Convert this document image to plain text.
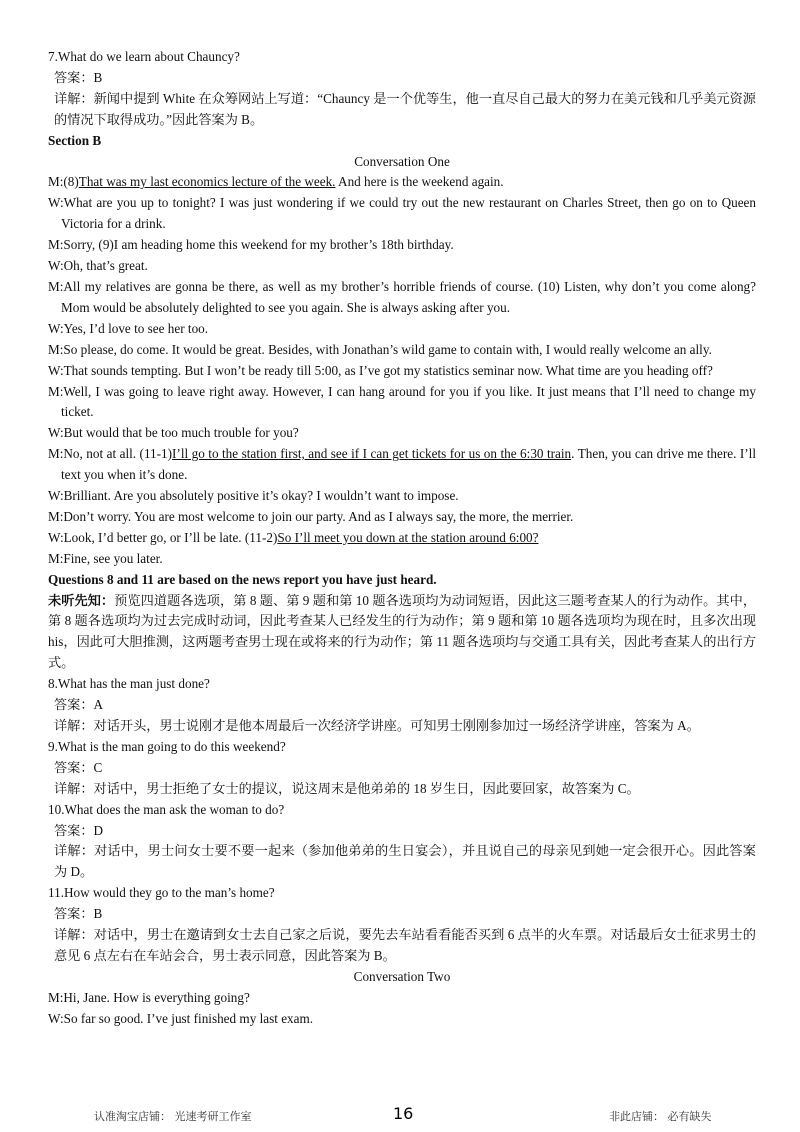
7.What do we learn about Chauncy?

答案：B

详解：新闻中提到 White 在众筹网站上写道：“Chauncy 是一个优等生，他一直尽自己最大的努力在美元钱和几乎美元资源的情况下取得成功。”因此答案为 B。

Section B

Conversation One

M:(8)That was my last economics lecture of the week. And here is the weekend again.

W:What are you up to tonight? I was just wondering if we could try out the new restaurant on Charles Street, then go on to Queen Victoria for a drink.

M:Sorry, (9)I am heading home this weekend for my brother’s 18th birthday.

W:Oh, that’s great.

M:All my relatives are gonna be there, as well as my brother’s horrible friends of course. (10) Listen, why don’t you come along? Mom would be absolutely delighted to see you again. She is always asking after you.

W:Yes, I’d love to see her too.

M:So please, do come. It would be great. Besides, with Jonathan’s wild game to contain with, I would really welcome an ally.

W:That sounds tempting. But I won’t be ready till 5:00, as I’ve got my statistics seminar now. What time are you heading off?

M:Well, I was going to leave right away. However, I can hang around for you if you like. It just means that I’ll need to change my ticket.

W:But would that be too much trouble for you?

M:No, not at all. (11-1)I’ll go to the station first, and see if I can get tickets for us on the 6:30 train. Then, you can drive me there. I’ll text you when it’s done.

W:Brilliant. Are you absolutely positive it’s okay? I wouldn’t want to impose.

M:Don’t worry. You are most welcome to join our party. And as I always say, the more, the merrier.

W:Look, I’d better go, or I’ll be late. (11-2)So I’ll meet you down at the station around 6:00?

M:Fine, see you later.

Questions 8 and 11 are based on the news report you have just heard.

未听先知：预览四道题各选项，第 8 题、第 9 题和第 10 题各选项均为动词短语，因此这三题考查某人的行为动作。其中，第 8 题各选项均为过去完成时动词，因此考查某人已经发生的行为动作；第 9 题和第 10 题各选项均为现在时，且多次出现 his，因此可大胆推测，这两题考查男士现在或将来的行为动作；第 11 题各选项均与交通工具有关，因此考查某人的出行方式。

8.What has the man just done?

答案：A

详解：对话开头，男士说刚才是他本周最后一次经济学讲座。可知男士刚刚参加过一场经济学讲座，答案为 A。

9.What is the man going to do this weekend?

答案：C

详解：对话中，男士拒绝了女士的提议，说这周末是他弟弟的 18 岁生日，因此要回家，故答案为 C。

10.What does the man ask the woman to do?

答案：D

详解：对话中，男士问女士要不要一起来（参加他弟弟的生日宴会），并且说自己的母亲见到她一定会很开心。因此答案为 D。

11.How would they go to the man’s home?

答案：B

详解：对话中，男士在邀请到女士去自己家之后说，要先去车站看看能否买到 6 点半的火车票。对话最后女士征求男士的意见 6 点左右在车站会合，男士表示同意，因此答案为 B。

Conversation Two

M:Hi, Jane. How is everything going?

W:So far so good. I’ve just finished my last exam.

认准淘宝店铺： 光速考研工作室	16	非此店铺： 必有缺失
